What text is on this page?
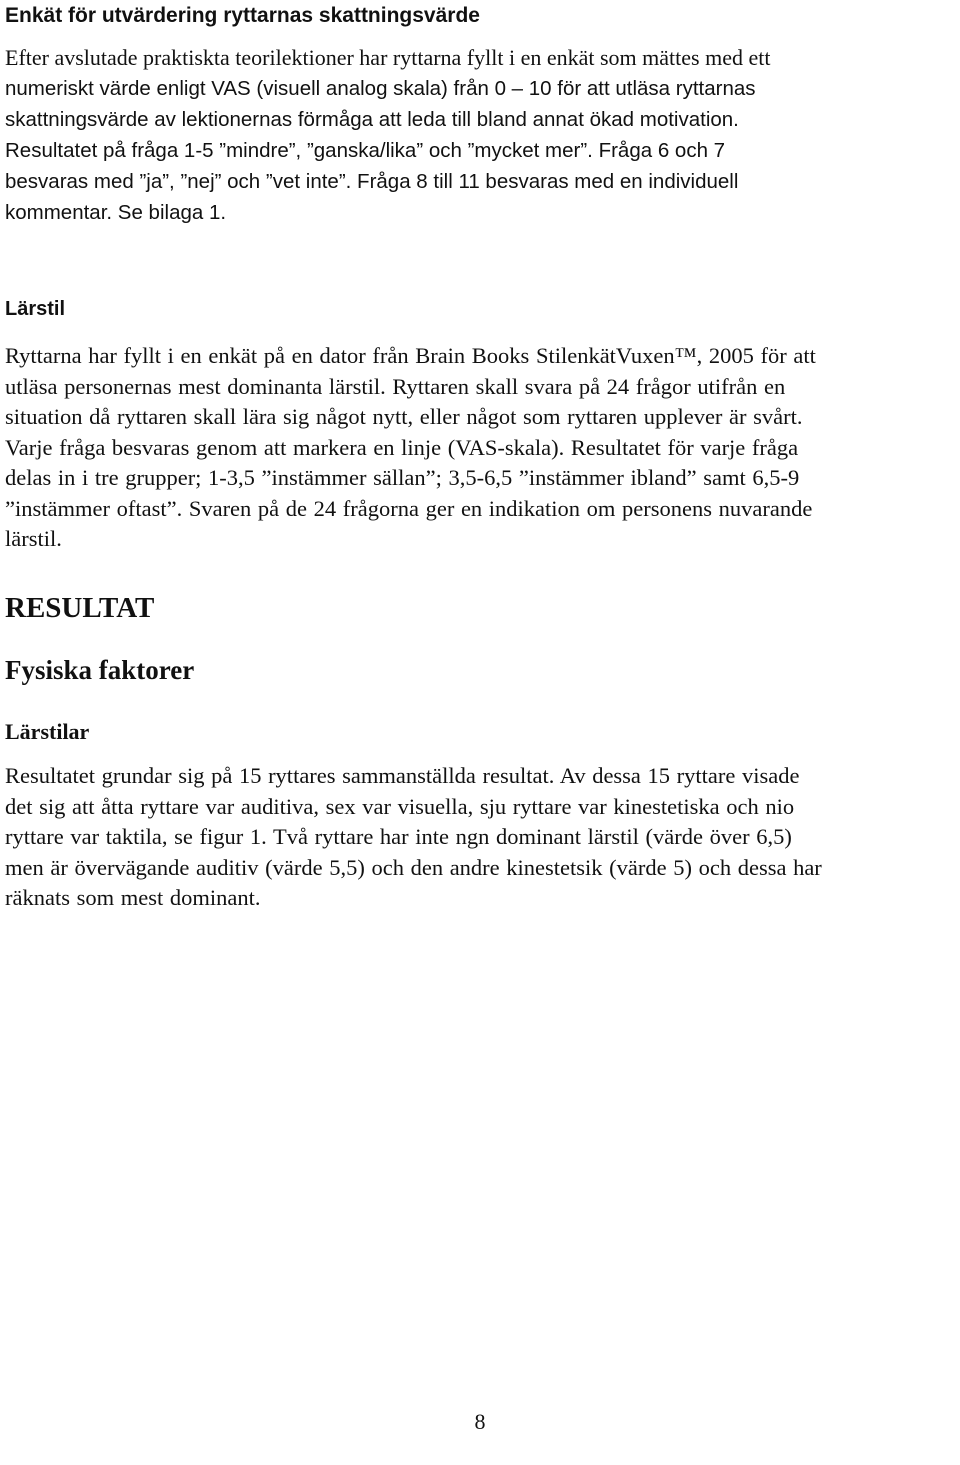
Enkät för utvärdering ryttarnas skattningsvärde

Efter avslutade praktiskta teorilektioner har ryttarna fyllt i en enkät som mättes med ett
numeriskt värde enligt VAS (visuell analog skala) från 0 – 10 för att utläsa ryttarnas
skattningsvärde av lektionernas förmåga att leda till bland annat ökad motivation.
Resultatet på fråga 1-5 ”mindre”, ”ganska/lika” och ”mycket mer”. Fråga 6 och 7
besvaras med ”ja”, ”nej” och ”vet inte”. Fråga 8 till 11 besvaras med en individuell
kommentar. Se bilaga 1.

Lärstil

Ryttarna har fyllt i en enkät på en dator från Brain Books StilenkätVuxen™, 2005 för att
utläsa personernas mest dominanta lärstil. Ryttaren skall svara på 24 frågor utifrån en
situation då ryttaren skall lära sig något nytt, eller något som ryttaren upplever är svårt.
Varje fråga besvaras genom att markera en linje (VAS-skala). Resultatet för varje fråga
delas in i tre grupper; 1-3,5 ”instämmer sällan”; 3,5-6,5 ”instämmer ibland” samt 6,5-9
”instämmer oftast”. Svaren på de 24 frågorna ger en indikation om personens nuvarande
lärstil.

RESULTAT
Fysiska faktorer
Lärstilar

Resultatet grundar sig på 15 ryttares sammanställda resultat. Av dessa 15 ryttare visade
det sig att åtta ryttare var auditiva, sex var visuella, sju ryttare var kinestetiska och nio
ryttare var taktila, se figur 1. Två ryttare har inte ngn dominant lärstil (värde över 6,5)
men är övervägande auditiv (värde 5,5) och den andre kinestetsik (värde 5) och dessa har
räknats som mest dominant.

8
